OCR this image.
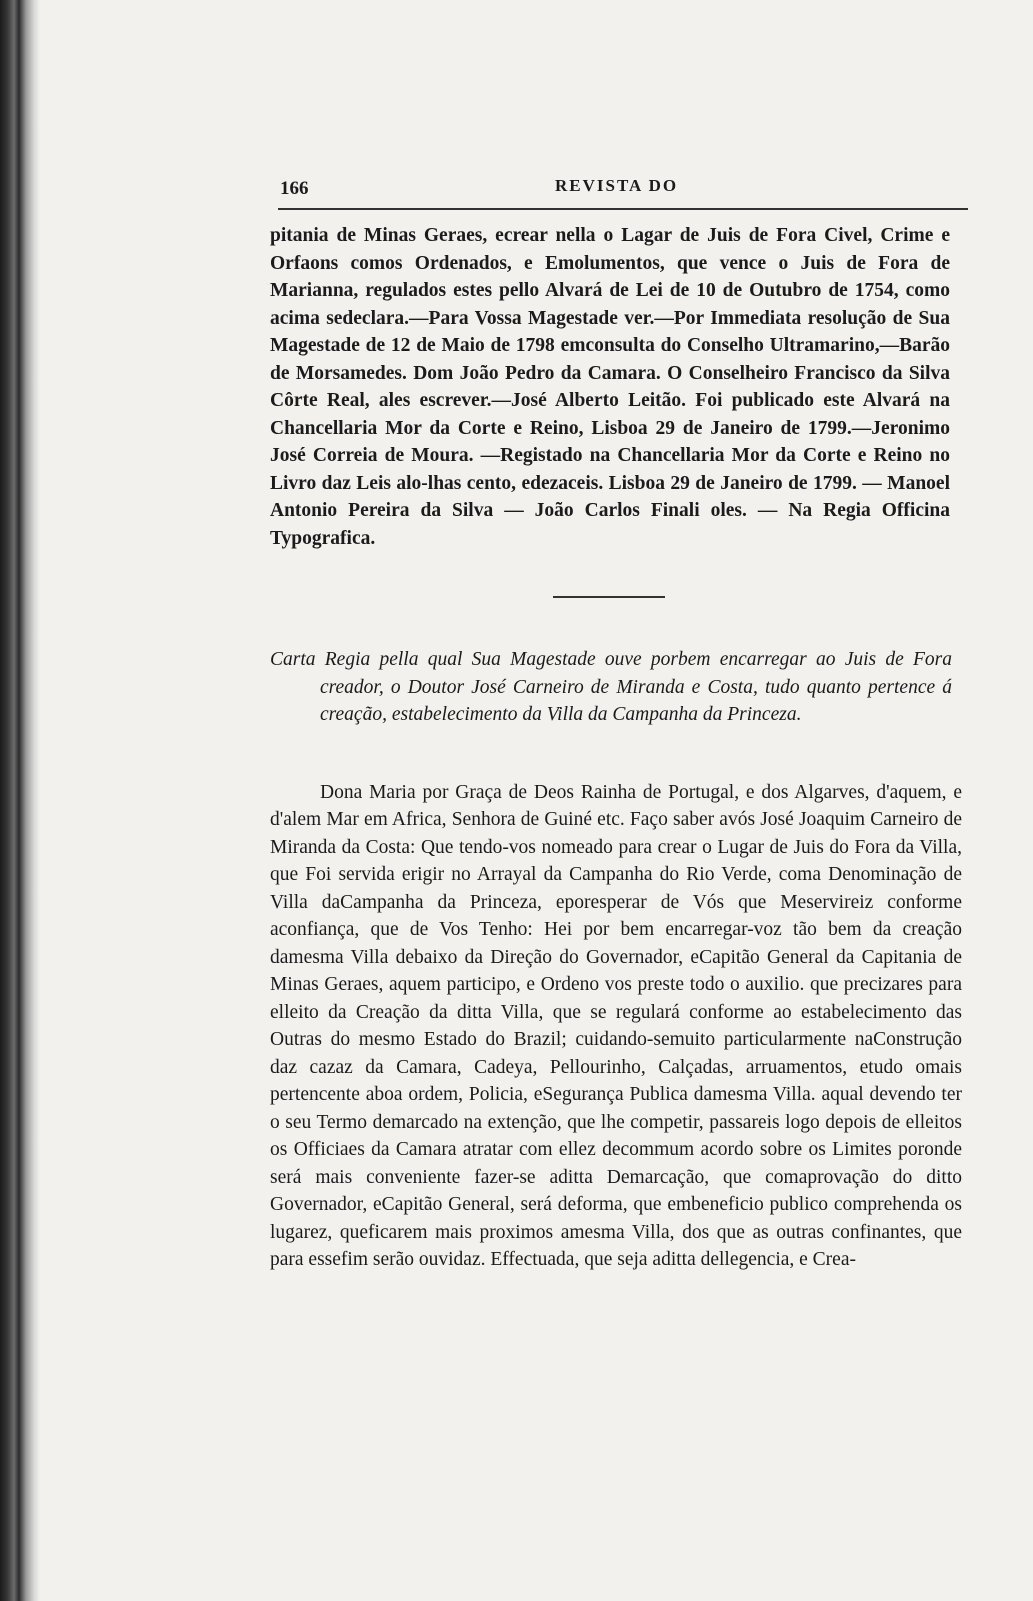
166	REVISTA DO

pitania de Minas Geraes, ecrear nella o Lagar de Juis de Fora Civel, Crime e Orfaons comos Ordenados, e Emolumentos, que vence o Juis de Fora de Marianna, regulados estes pello Alvará de Lei de 10 de Outubro de 1754, como acima sedeclara.—Para Vossa Magestade ver.—Por Immediata resolução de Sua Magestade de 12 de Maio de 1798 emconsulta do Conselho Ultramarino,—Barão de Morsamedes. Dom João Pedro da Camara. O Conselheiro Francisco da Silva Côrte Real, ales escrever.—José Alberto Leitão. Foi publicado este Alvará na Chancellaria Mor da Corte e Reino, Lisboa 29 de Janeiro de 1799.—Jeronimo José Correia de Moura. —Registado na Chancellaria Mor da Corte e Reino no Livro daz Leis alo-lhas cento, edezaceis. Lisboa 29 de Janeiro de 1799. — Manoel Antonio Pereira da Silva — João Carlos Finali oles. — Na Regia Officina Typografica.

Carta Regia pella qual Sua Magestade ouve porbem encarregar ao Juis de Fora creador, o Doutor José Carneiro de Miranda e Costa, tudo quanto pertence á creação, estabelecimento da Villa da Campanha da Princeza.

Dona Maria por Graça de Deos Rainha de Portugal, e dos Algarves, d'aquem, e d'alem Mar em Africa, Senhora de Guiné etc. Faço saber avós José Joaquim Carneiro de Miranda da Costa: Que tendo-vos nomeado para crear o Lugar de Juis do Fora da Villa, que Foi servida erigir no Arrayal da Campanha do Rio Verde, coma Denominação de Villa daCampanha da Princeza, eporesperar de Vós que Meservireiz conforme aconfiança, que de Vos Tenho: Hei por bem encarregar-voz tão bem da creação damesma Villa debaixo da Direção do Governador, eCapitão General da Capitania de Minas Geraes, aquem participo, e Ordeno vos preste todo o auxilio. que precizares para elleito da Creação da ditta Villa, que se regulará conforme ao estabelecimento das Outras do mesmo Estado do Brazil; cuidando-semuito particularmente naConstrução daz cazaz da Camara, Cadeya, Pellourinho, Calçadas, arruamentos, etudo omais pertencente aboa ordem, Policia, eSegurança Publica damesma Villa. aqual devendo ter o seu Termo demarcado na extenção, que lhe competir, passareis logo depois de elleitos os Officiaes da Camara atratar com ellez decommum acordo sobre os Limites poronde será mais conveniente fazer-se aditta Demarcação, que comaprovação do ditto Governador, eCapitão General, será deforma, que embeneficio publico comprehenda os lugarez, queficarem mais proximos amesma Villa, dos que as outras confinantes, que para essefim serão ouvidaz. Effectuada, que seja aditta dellegencia, e Crea-
